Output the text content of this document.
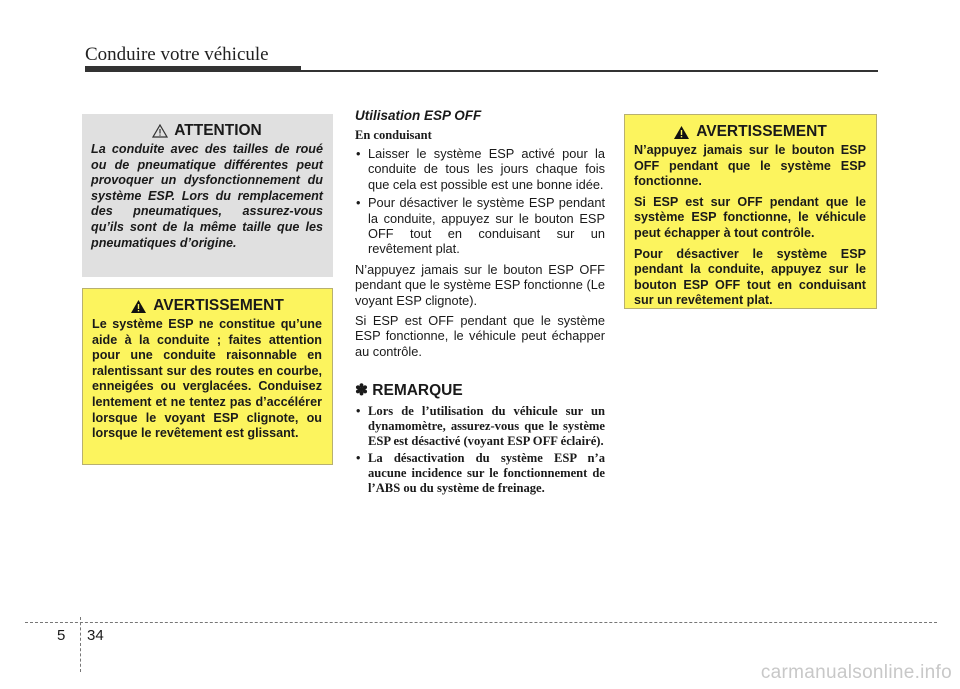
Conduire votre véhicule
ATTENTION
La conduite avec des tailles de roué ou de pneumatique différentes peut provoquer un dysfonctionnement du système ESP. Lors du remplacement des pneumatiques, assurez-vous qu’ils sont de la même taille que les pneumatiques d’origine.
AVERTISSEMENT
Le système ESP ne constitue qu’une aide à la conduite ; faites attention pour une conduite raisonnable en ralentissant sur des routes en courbe, enneigées ou verglacées. Conduisez lentement et ne tentez pas d’accélérer lorsque le voyant ESP clignote, ou lorsque le revêtement est glissant.
Utilisation ESP OFF
En conduisant
• Laisser le système ESP activé pour la conduite de tous les jours chaque fois que cela est possible est une bonne idée.
• Pour désactiver le système ESP pendant la conduite, appuyez sur le bouton ESP OFF tout en conduisant sur un revêtement plat.

N’appuyez jamais sur le bouton ESP OFF pendant que le système ESP fonctionne (Le voyant ESP clignote).

Si ESP est OFF pendant que le système ESP fonctionne, le véhicule peut échapper au contrôle.

✽ REMARQUE
• Lors de l’utilisation du véhicule sur un dynamomètre, assurez-vous que le système ESP est désactivé (voyant ESP OFF éclairé).
• La désactivation du système ESP n’a aucune incidence sur le fonctionnement de l’ABS ou du système de freinage.
AVERTISSEMENT

N’appuyez jamais sur le bouton ESP OFF pendant que le système ESP fonctionne.

Si ESP est sur OFF pendant que le système ESP fonctionne, le véhicule peut échapper à tout contrôle.

Pour désactiver le système ESP pendant la conduite, appuyez sur le bouton ESP OFF tout en conduisant sur un revêtement plat.

5 34
carmanualsonline.info
